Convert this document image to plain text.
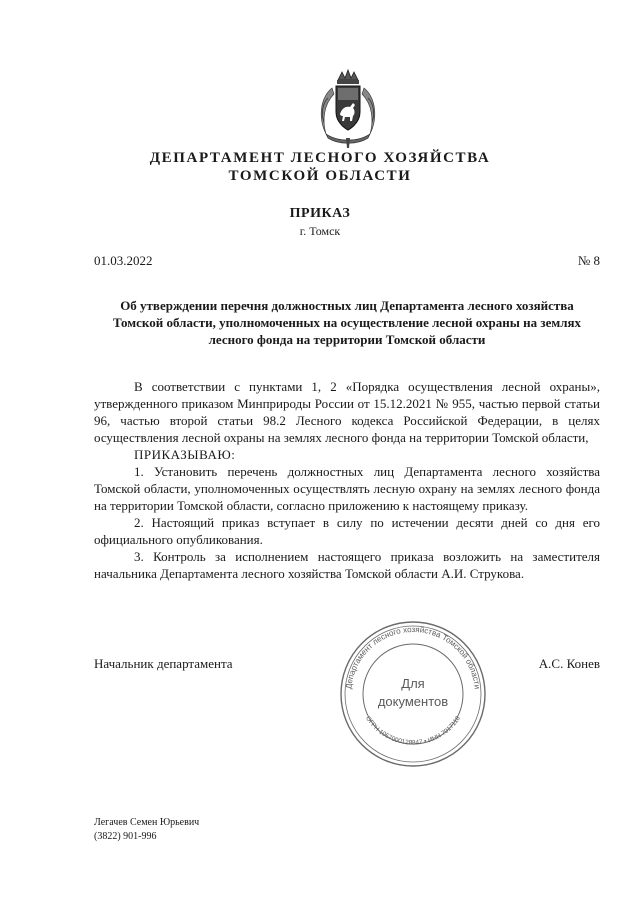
ДЕПАРТАМЕНТ ЛЕСНОГО ХОЗЯЙСТВА
ТОМСКОЙ ОБЛАСТИ
ПРИКАЗ
г. Томск
01.03.2022	№ 8
Об утверждении перечня должностных лиц Департамента лесного хозяйства Томской области, уполномоченных на осуществление лесной охраны на землях лесного фонда на территории Томской области

В соответствии с пунктами 1, 2 «Порядка осуществления лесной охраны», утвержденного приказом Минприроды России от 15.12.2021 № 955, частью первой статьи 96, частью второй статьи 98.2 Лесного кодекса Российской Федерации, в целях осуществления лесной охраны на землях лесного фонда на территории Томской области,

ПРИКАЗЫВАЮ:

1. Установить перечень должностных лиц Департамента лесного хозяйства Томской области, уполномоченных осуществлять лесную охрану на землях лесного фонда на территории Томской области, согласно приложению к настоящему приказу.

2. Настоящий приказ вступает в силу по истечении десяти дней со дня его официального опубликования.

3. Контроль за исполнением настоящего приказа возложить на заместителя начальника Департамента лесного хозяйства Томской области А.И. Струкова.

Начальник департамента	А.С. Конев
Департамент лесного хозяйства Томской области
ОГРН 1057000128847 • ИНН 7017118
Для
документов
Легачев Семен Юрьевич
(3822) 901-996
